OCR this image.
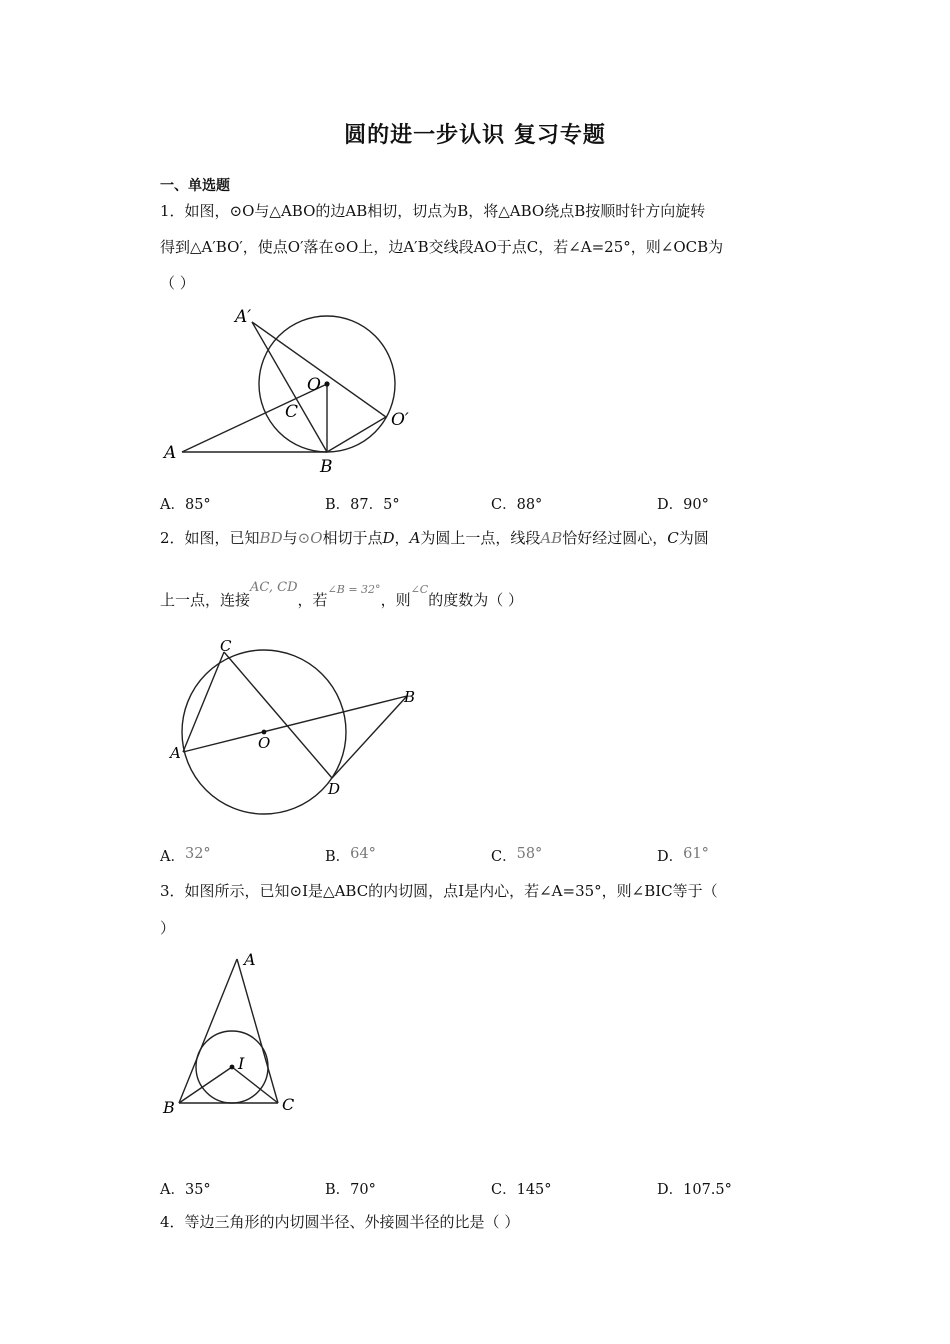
圆的进一步认识 复习专题
一、单选题
1．如图，⊙O与△ABO的边AB相切，切点为B，将△ABO绕点B按顺时针方向旋转
得到△A′BO′，使点O′落在⊙O上，边A′B交线段AO于点C，若∠A=25°，则∠OCB为
（ ）
A
B
C
O
A′
O′
A．85°	B．87．5°	C．88°	D．90°
2．如图，已知BD与⊙O相切于点D，A为圆上一点，线段AB恰好经过圆心，C为圆
上一点，连接AC, CD，若$^{\angle B = 32^\circ}$，则$^{\angle C}$的度数为（ ）
A
B
C
D
O
A．32°	B．64°	C．58°	D．61°
3．如图所示，已知⊙I是△ABC的内切圆，点I是内心，若∠A=35°，则∠BIC等于（
）
A
B	C
I
A．35°	B．70°	C．145°	D．107.5°
4．等边三角形的内切圆半径、外接圆半径的比是（ ）
